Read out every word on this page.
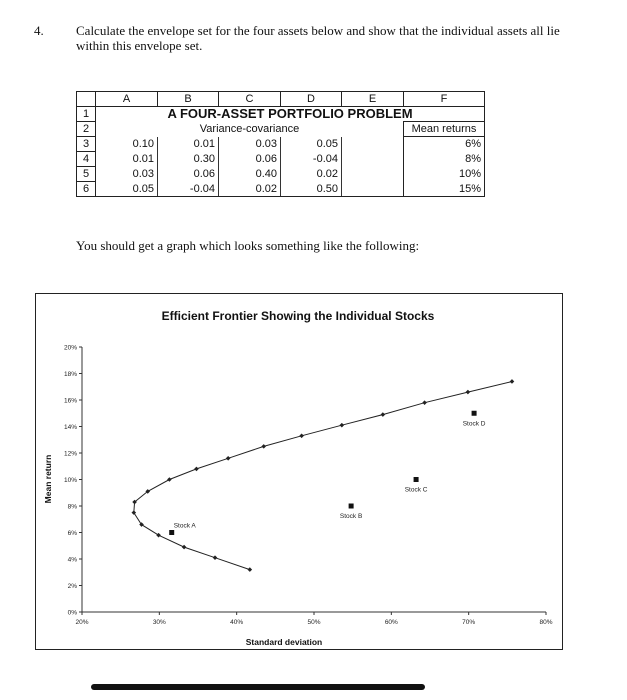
4. Calculate the envelope set for the four assets below and show that the individual assets all lie within this envelope set.
	A	B	C	D	E	F
1	A FOUR-ASSET PORTFOLIO PROBLEM					
2	Variance-covariance					Mean returns
3	0.10	0.01	0.03	0.05		6%
4	0.01	0.30	0.06	-0.04		8%
5	0.03	0.06	0.40	0.02		10%
6	0.05	-0.04	0.02	0.50		15%
You should get a graph which looks something like the following:
Efficient Frontier Showing the Individual Stocks
Standard deviation
Mean return
0%
2%
4%
6%
8%
10%
12%
14%
16%
18%
20%
20%	30%	40%	50%	60%	70%	80%
Stock A
Stock B
Stock C
Stock D
